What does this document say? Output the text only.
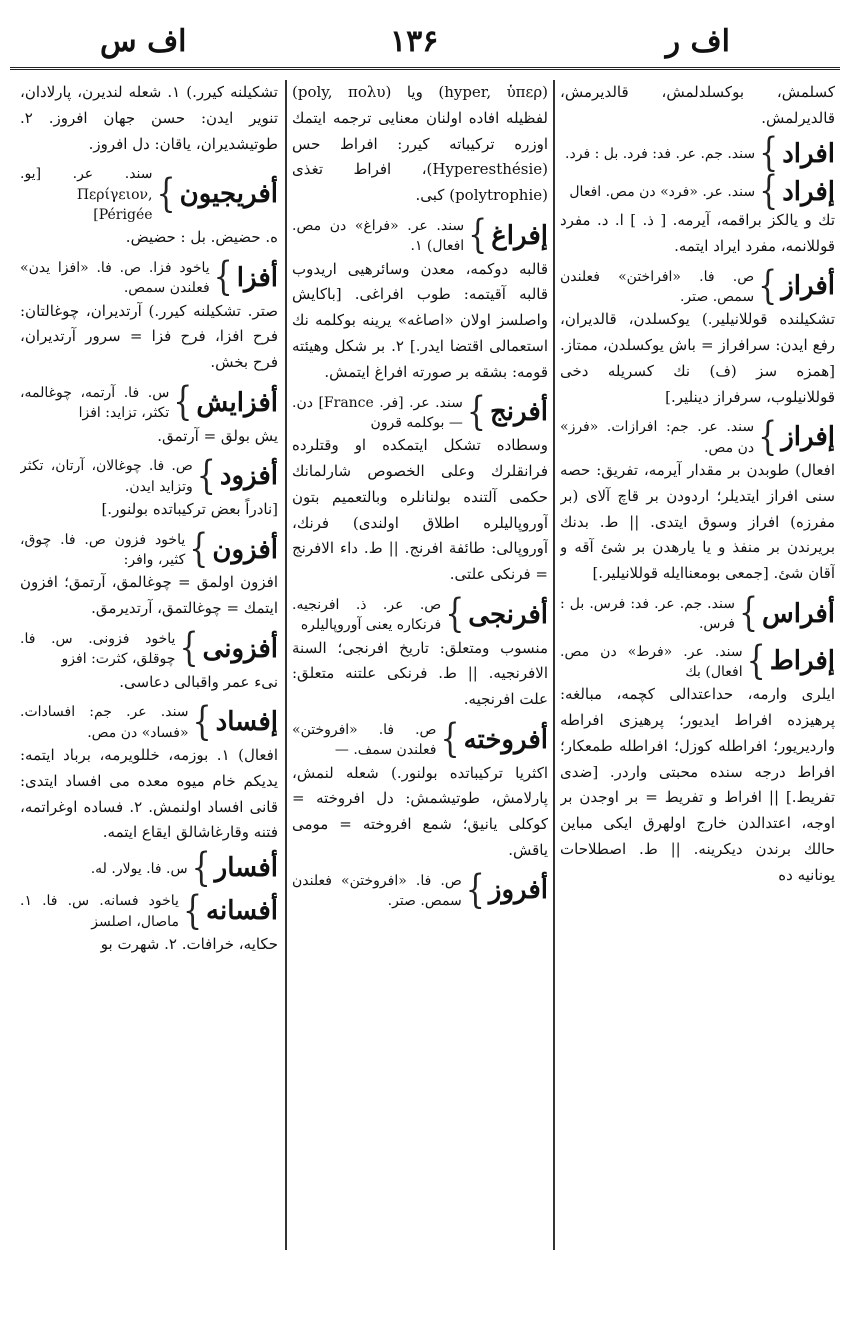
اف س	۱۳۶	اف ر
کسلمش، بوکسلدلمش، قالديرمش، قالديرلمش.
افراد
}
سند. جم. عر. فد: فرد. بل : فرد.
إفراد
}
سند. عر. «فرد» دن مص. افعال
تك و يالكز براقمه، آيرمه. [ ذ. ] ا. د. مفرد قوللانمه، مفرد ايراد ايتمه.
أفراز
}
ص. فا. «افراختن» فعلندن سمص. صتر.
تشكيلنده قوللانيلير.) يوكسلدن، قالديران، رفع ايدن: سرافراز = باش يوكسلدن، ممتاز. [همزه سز (ف) نك كسريله دخى قوللانيلوب، سرفراز دينلير.]
إفراز
}
سند. عر. جم: افرازات. «فرز» دن مص.
افعال) طوبدن بر مقدار آيرمه، تفريق: حصه سنى افراز ايتديلر؛ اردودن بر قاچ آلاى (بر مفرزه) افراز وسوق ايتدى. || ط. بدنك بريرندن بر منفذ و يا يارهدن بر شئ آقه و آقان شئ. [جمعى بومعناايله قوللانيلير.]
أفراس
}
سند. جم. عر. فد: فرس. بل : فرس.
إفراط
}
سند. عر. «فرط» دن مص. افعال) بك
ايلرى وارمه، حداعتدالى كچمه، مبالغه: پرهيزده افراط ايديور؛ پرهيزى افراطه وارديريور؛ افراطله كوزل؛ افراطله طمعكار؛ افراط درجه سنده محبتى واردر. [ضدى تفريط.] || افراط و تفريط = بر اوجدن بر اوجه، اعتدالدن خارج اولهرق ايكى مباين حالك برندن ديكرينه. || ط. اصطلاحات يونانيه ده
(hyper, ὑπερ) ويا (poly, πολυ) لفظيله افاده اولنان معنايى ترجمه ايتمك اوزره تركيباته كيرر: افراط حس (Hyperesthésie)، افراط تغذى (polytrophie) كبى.
إفراغ
}
سند. عر. «فراغ» دن مص. افعال) ۱.
قالبه دوكمه، معدن وسائرهيى اريدوب قالبه آقيتمه: طوب افراغى. [باكايش واصلسز اولان «اصاغه» يرينه بوكلمه نك استعمالى اقتضا ايدر.] ۲. بر شكل وهيئته قومه: بشقه بر صورته افراغ ايتمش.
أفرنج
}
سند. عر. [فر. France] دن. — بوكلمه قرون
وسطاده تشكل ايتمكده او وقتلرده فرانقلرك وعلى الخصوص شارلمانك حكمى آلتنده بولنانلره وبالتعميم بتون آوروپاليلره اطلاق اولندى) فرنك، آوروپالى: طائفة افرنج. || ط. داء الافرنج = فرنكى علتى.
أفرنجى
}
ص. عر. ذ. افرنجيه. فرنكاره يعنى آوروپاليلره
منسوب ومتعلق: تاريخ افرنجى؛ السنة الافرنجيه. || ط. فرنكى علتنه متعلق: علت افرنجيه.
أفروخته
}
ص. فا. «افروختن» فعلندن سمف. —
اكثريا تركيباتده بولنور.) شعله لنمش، پارلامش، طوتيشمش: دل افروخته = كوكلى يانيق؛ شمع افروخته = مومى ياقش.
أفروز
}
ص. فا. «افروختن» فعلندن سمص. صتر.
تشكيلنه كيرر.) ۱. شعله لنديرن، پارلادان، تنوير ايدن: حسن جهان افروز. ۲. طوتيشديران، ياقان: دل افروز.
أفريجيون
}
سند. عر. [يو. Περίγειον, Périgée]
ه. حضيض. بل : حضيض.
أفزا
}
ياخود فزا. ص. فا. «افزا يدن» فعلندن سمص.
صتر. تشكيلنه كيرر.) آرتديران، چوغالتان: فرح افزا، فرح فزا = سرور آرتديران، فرح بخش.
أفزايش
}
س. فا. آرتمه، چوغالمه، تكثر، تزايد: افزا
يش بولق = آرتمق.
أفزود
}
ص. فا. چوغالان، آرتان، تكثر وتزايد ايدن.
[نادراً بعض تركيباتده بولنور.]
أفزون
}
ياخود فزون ص. فا. چوق، كثير، وافر:
افزون اولمق = چوغالمق، آرتمق؛ افزون ايتمك = چوغالتمق، آرتديرمق.
أفزونى
}
ياخود فزونى. س. فا. چوقلق، كثرت: افزو
نىء عمر واقبالى دعاسى.
إفساد
}
سند. عر. جم: افسادات. «فساد» دن مص.
افعال) ۱. بوزمه، خللويرمه، برباد ايتمه: يديكم خام ميوه معده مى افساد ايتدى: قانى افساد اولنمش. ۲. فساده اوغراتمه، فتنه وقارغاشالق ايقاع ايتمه.
أفسار
}
س. فا. يولار. له.
أفسانه
}
ياخود فسانه. س. فا. ۱. ماصال، اصلسز
حكايه، خرافات. ۲. شهرت بو
